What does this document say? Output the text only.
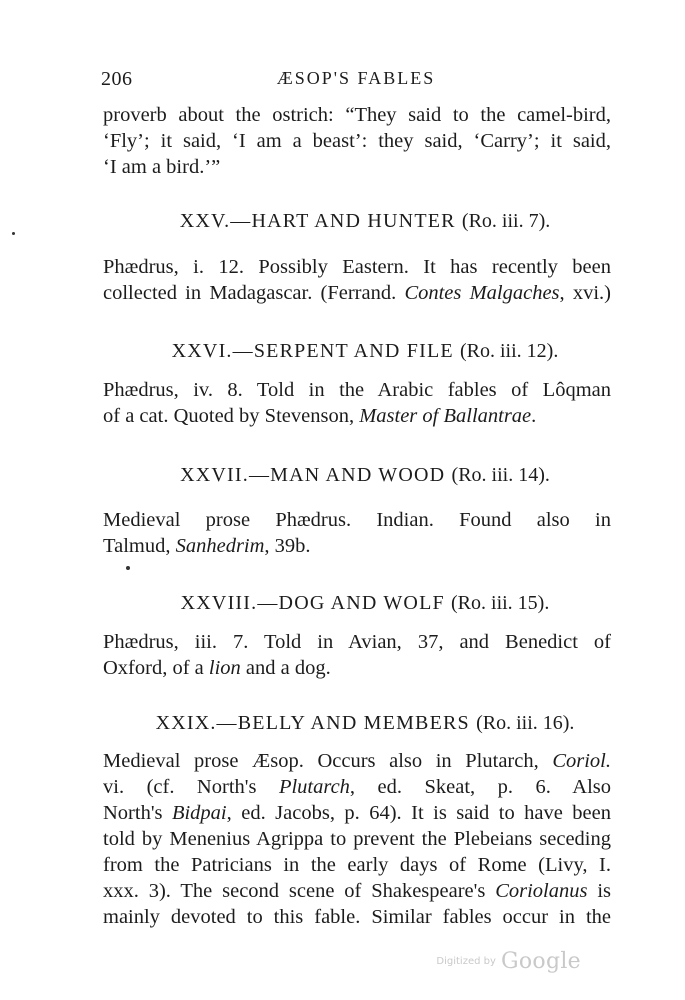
206	ÆSOP'S FABLES
proverb about the ostrich: “They said to the camel-bird,
‘Fly’; it said, ‘I am a beast’: they said, ‘Carry’; it said,
‘I am a bird.’”
XXV.—HART AND HUNTER (Ro. iii. 7).
Phædrus, i. 12. Possibly Eastern. It has recently been
collected in Madagascar. (Ferrand. Contes Malgaches, xvi.)
XXVI.—SERPENT AND FILE (Ro. iii. 12).
Phædrus, iv. 8. Told in the Arabic fables of Lôqman
of a cat. Quoted by Stevenson, Master of Ballantrae.
XXVII.—MAN AND WOOD (Ro. iii. 14).
Medieval prose Phædrus. Indian. Found also in
Talmud, Sanhedrim, 39b.
XXVIII.—DOG AND WOLF (Ro. iii. 15).
Phædrus, iii. 7. Told in Avian, 37, and Benedict of
Oxford, of a lion and a dog.
XXIX.—BELLY AND MEMBERS (Ro. iii. 16).
Medieval prose Æsop. Occurs also in Plutarch, Coriol.
vi. (cf. North's Plutarch, ed. Skeat, p. 6. Also
North's Bidpai, ed. Jacobs, p. 64). It is said to have been
told by Menenius Agrippa to prevent the Plebeians seceding
from the Patricians in the early days of Rome (Livy, I.
xxx. 3). The second scene of Shakespeare's Coriolanus is
mainly devoted to this fable. Similar fables occur in the
Digitized by Google
